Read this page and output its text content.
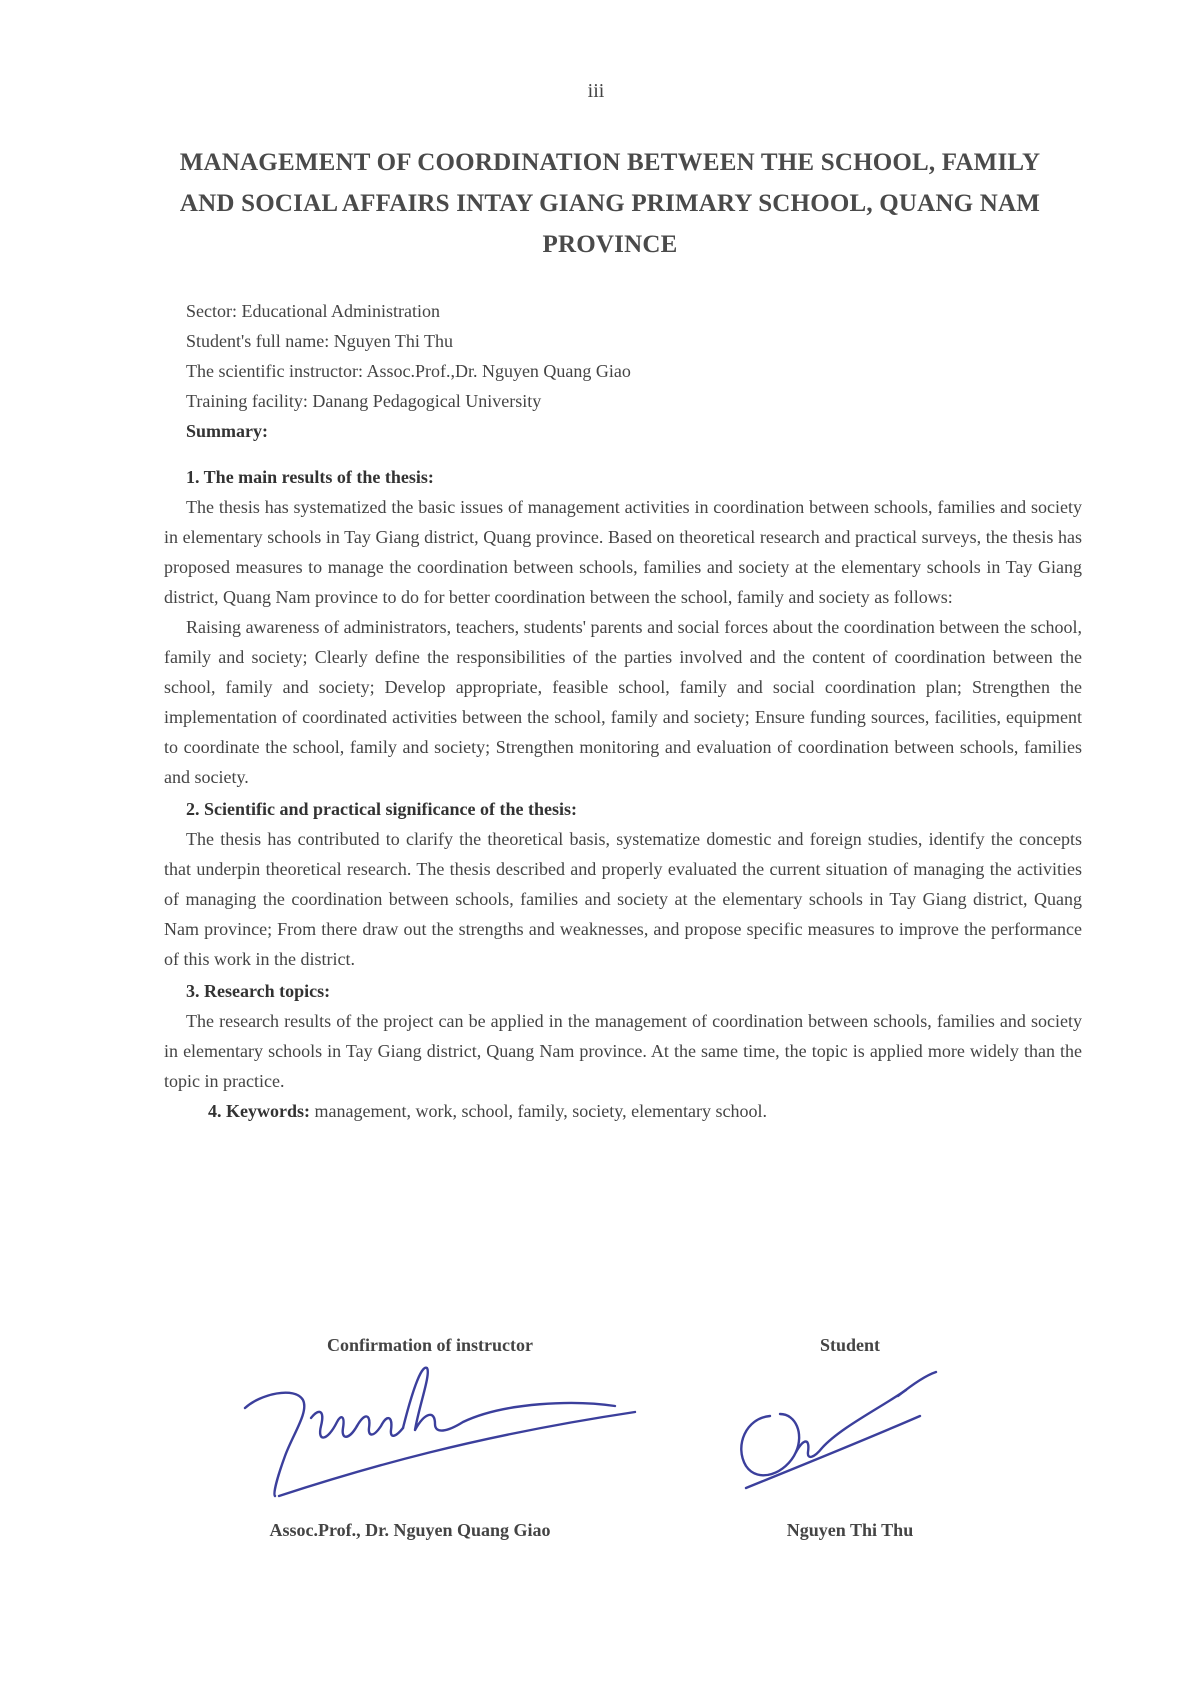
iii
MANAGEMENT OF COORDINATION BETWEEN THE SCHOOL, FAMILY
AND SOCIAL AFFAIRS INTAY GIANG PRIMARY SCHOOL, QUANG NAM
PROVINCE
Sector: Educational Administration
Student's full name: Nguyen Thi Thu
The scientific instructor: Assoc.Prof.,Dr. Nguyen Quang Giao
Training facility: Danang Pedagogical University
Summary:
1. The main results of the thesis:

The thesis has systematized the basic issues of management activities in coordination between schools, families and society in elementary schools in Tay Giang district, Quang province. Based on theoretical research and practical surveys, the thesis has proposed measures to manage the coordination between schools, families and society at the elementary schools in Tay Giang district, Quang Nam province to do for better coordination between the school, family and society as follows:

Raising awareness of administrators, teachers, students' parents and social forces about the coordination between the school, family and society; Clearly define the responsibilities of the parties involved and the content of coordination between the school, family and society; Develop appropriate, feasible school, family and social coordination plan; Strengthen the implementation of coordinated activities between the school, family and society; Ensure funding sources, facilities, equipment to coordinate the school, family and society; Strengthen monitoring and evaluation of coordination between schools, families and society.

2. Scientific and practical significance of the thesis:

The thesis has contributed to clarify the theoretical basis, systematize domestic and foreign studies, identify the concepts that underpin theoretical research. The thesis described and properly evaluated the current situation of managing the activities of managing the coordination between schools, families and society at the elementary schools in Tay Giang district, Quang Nam province; From there draw out the strengths and weaknesses, and propose specific measures to improve the performance of this work in the district.

3. Research topics:

The research results of the project can be applied in the management of coordination between schools, families and society in elementary schools in Tay Giang district, Quang Nam province. At the same time, the topic is applied more widely than the topic in practice.

4. Keywords: management, work, school, family, society, elementary school.

Confirmation of instructor	Student
Assoc.Prof., Dr. Nguyen Quang Giao	Nguyen Thi Thu
